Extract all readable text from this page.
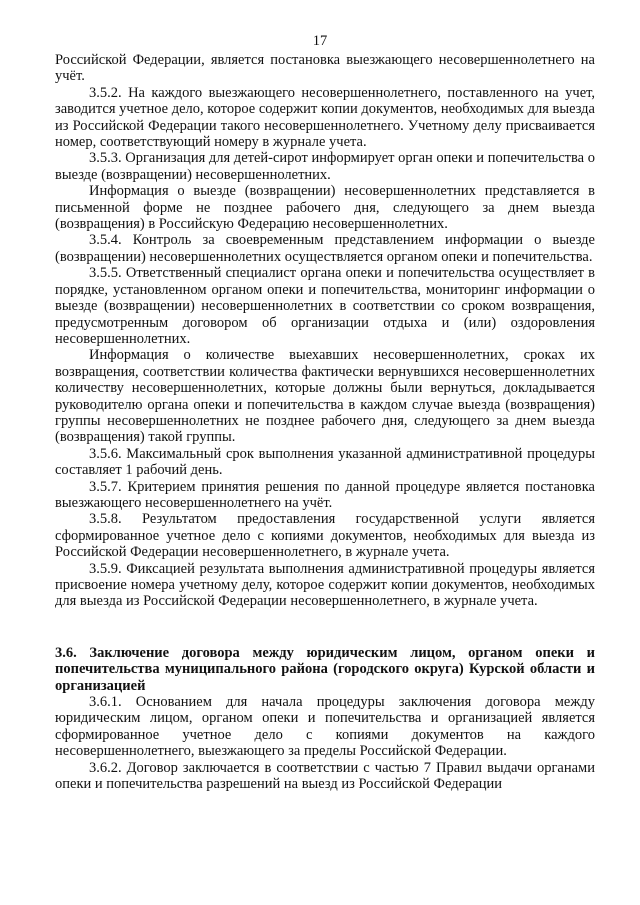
17

Российской Федерации, является постановка выезжающего несовершеннолетнего на учёт.

3.5.2. На каждого выезжающего несовершеннолетнего, поставленного на учет, заводится учетное дело, которое содержит копии документов, необходимых для выезда из Российской Федерации такого несовершеннолетнего. Учетному делу присваивается номер, соответствующий номеру в журнале учета.

3.5.3. Организация для детей-сирот информирует орган опеки и попечительства о выезде (возвращении) несовершеннолетних.

Информация о выезде (возвращении) несовершеннолетних представляется в письменной форме не позднее рабочего дня, следующего за днем выезда (возвращения) в Российскую Федерацию несовершеннолетних.

3.5.4. Контроль за своевременным представлением информации о выезде (возвращении) несовершеннолетних осуществляется органом опеки и попечительства.

3.5.5. Ответственный специалист органа опеки и попечительства осуществляет в порядке, установленном органом опеки и попечительства, мониторинг информации о выезде (возвращении) несовершеннолетних в соответствии со сроком возвращения, предусмотренным договором об организации отдыха и (или) оздоровления несовершеннолетних.

Информация о количестве выехавших несовершеннолетних, сроках их возвращения, соответствии количества фактически вернувшихся несовершеннолетних количеству несовершеннолетних, которые должны были вернуться, докладывается руководителю органа опеки и попечительства в каждом случае выезда (возвращения) группы несовершеннолетних не позднее рабочего дня, следующего за днем выезда (возвращения) такой группы.

3.5.6. Максимальный срок выполнения указанной административной процедуры составляет 1 рабочий день.

3.5.7. Критерием принятия решения по данной процедуре является постановка выезжающего несовершеннолетнего на учёт.

3.5.8. Результатом предоставления государственной услуги является сформированное учетное дело с копиями документов, необходимых для выезда из Российской Федерации несовершеннолетнего, в журнале учета.

3.5.9. Фиксацией результата выполнения административной процедуры является присвоение номера учетному делу, которое содержит копии документов, необходимых для выезда из Российской Федерации несовершеннолетнего, в журнале учета.

3.6. Заключение договора между юридическим лицом, органом опеки и попечительства муниципального района (городского округа) Курской области и организацией

3.6.1. Основанием для начала процедуры заключения договора между юридическим лицом, органом опеки и попечительства и организацией является сформированное учетное дело с копиями документов на каждого несовершеннолетнего, выезжающего за пределы Российской Федерации.

3.6.2. Договор заключается в соответствии с частью 7 Правил выдачи органами опеки и попечительства разрешений на выезд из Российской Федерации
